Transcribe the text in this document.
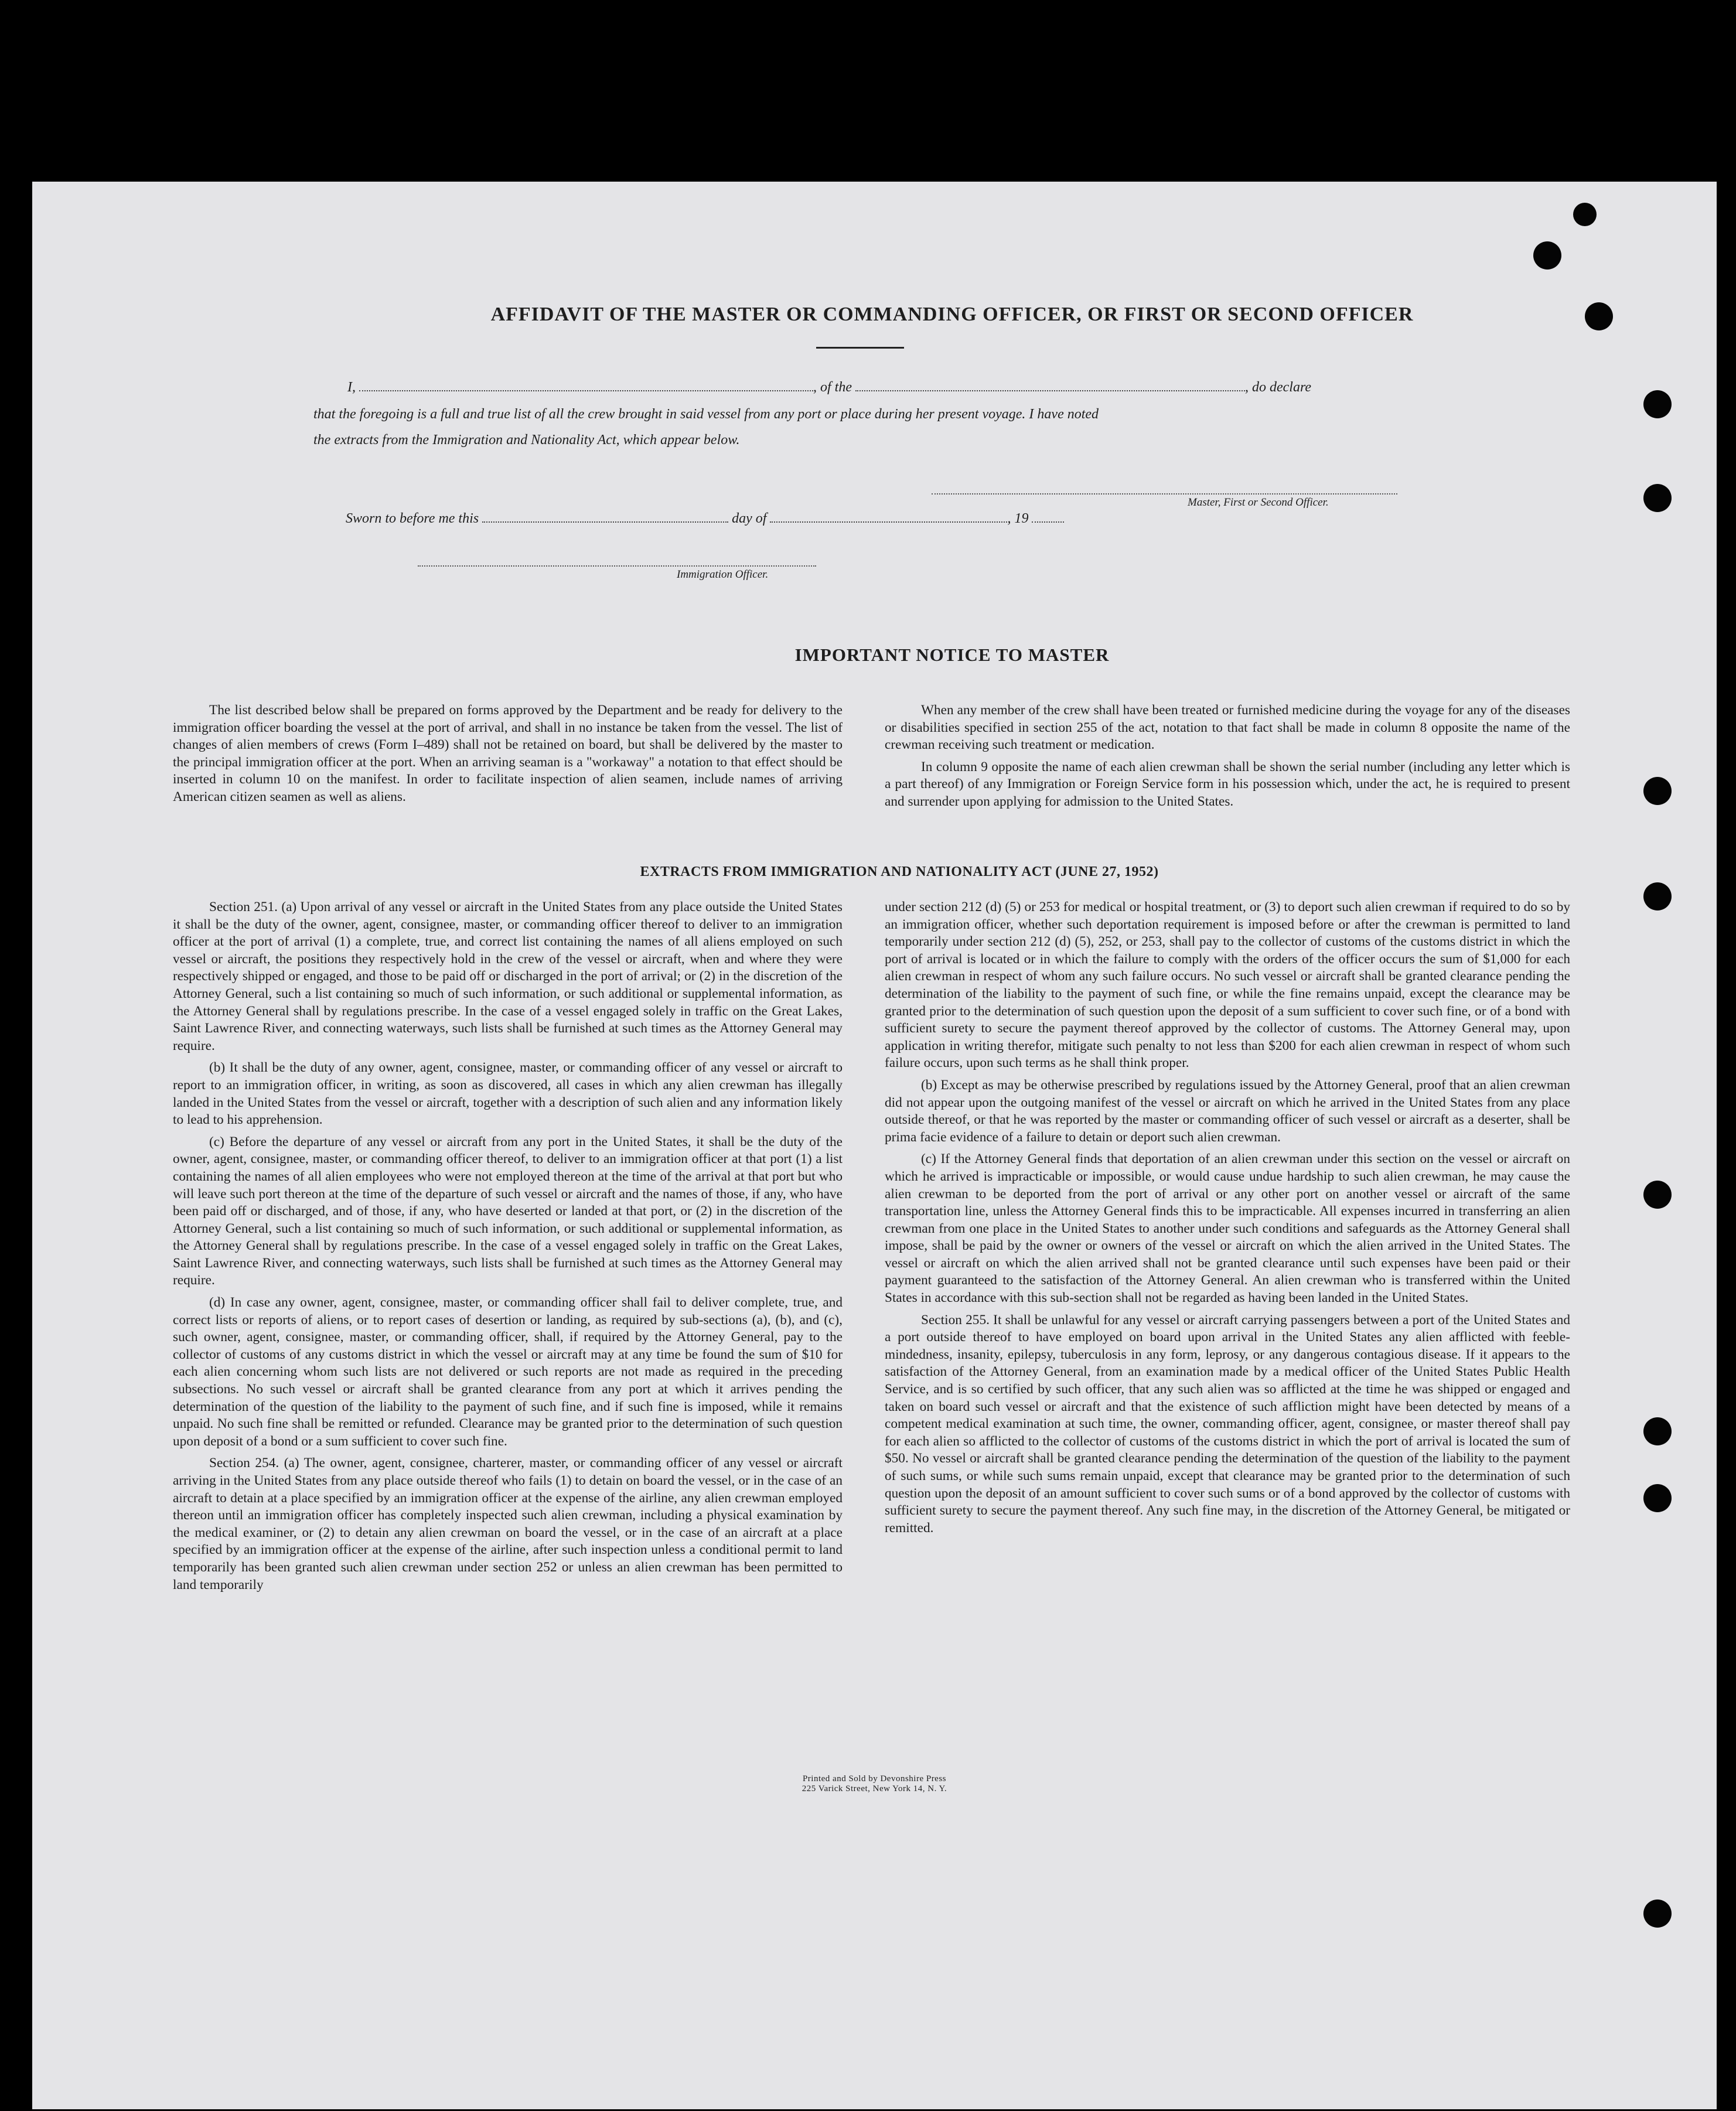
AFFIDAVIT OF THE MASTER OR COMMANDING OFFICER, OR FIRST OR SECOND OFFICER
I,	, of the	, do declare
that the foregoing is a full and true list of all the crew brought in said vessel from any port or place during her present voyage. I have noted
the extracts from the Immigration and Nationality Act, which appear below.
Master, First or Second Officer.
Sworn to before me this	day of	, 19
Immigration Officer.
IMPORTANT NOTICE TO MASTER

The list described below shall be prepared on forms approved by the Department and be ready for delivery to the immigration officer boarding the vessel at the port of arrival, and shall in no instance be taken from the vessel. The list of changes of alien members of crews (Form I–489) shall not be retained on board, but shall be delivered by the master to the principal immigration officer at the port. When an arriving seaman is a "workaway" a notation to that effect should be inserted in column 10 on the manifest. In order to facilitate inspection of alien seamen, include names of arriving American citizen seamen as well as aliens.

When any member of the crew shall have been treated or furnished medicine during the voyage for any of the diseases or disabilities specified in section 255 of the act, notation to that fact shall be made in column 8 opposite the name of the crewman receiving such treatment or medication.

In column 9 opposite the name of each alien crewman shall be shown the serial number (including any letter which is a part thereof) of any Immigration or Foreign Service form in his possession which, under the act, he is required to present and surrender upon applying for admission to the United States.

EXTRACTS FROM IMMIGRATION AND NATIONALITY ACT (JUNE 27, 1952)

Section 251. (a) Upon arrival of any vessel or aircraft in the United States from any place outside the United States it shall be the duty of the owner, agent, consignee, master, or commanding officer thereof to deliver to an immigration officer at the port of arrival (1) a complete, true, and correct list containing the names of all aliens employed on such vessel or aircraft, the positions they respectively hold in the crew of the vessel or aircraft, when and where they were respectively shipped or engaged, and those to be paid off or discharged in the port of arrival; or (2) in the discretion of the Attorney General, such a list containing so much of such information, or such additional or supplemental information, as the Attorney General shall by regulations prescribe. In the case of a vessel engaged solely in traffic on the Great Lakes, Saint Lawrence River, and connecting waterways, such lists shall be furnished at such times as the Attorney General may require.

(b) It shall be the duty of any owner, agent, consignee, master, or commanding officer of any vessel or aircraft to report to an immigration officer, in writing, as soon as discovered, all cases in which any alien crewman has illegally landed in the United States from the vessel or aircraft, together with a description of such alien and any information likely to lead to his apprehension.

(c) Before the departure of any vessel or aircraft from any port in the United States, it shall be the duty of the owner, agent, consignee, master, or commanding officer thereof, to deliver to an immigration officer at that port (1) a list containing the names of all alien employees who were not employed thereon at the time of the arrival at that port but who will leave such port thereon at the time of the departure of such vessel or aircraft and the names of those, if any, who have been paid off or discharged, and of those, if any, who have deserted or landed at that port, or (2) in the discretion of the Attorney General, such a list containing so much of such information, or such additional or supplemental information, as the Attorney General shall by regulations prescribe. In the case of a vessel engaged solely in traffic on the Great Lakes, Saint Lawrence River, and connecting waterways, such lists shall be furnished at such times as the Attorney General may require.

(d) In case any owner, agent, consignee, master, or commanding officer shall fail to deliver complete, true, and correct lists or reports of aliens, or to report cases of desertion or landing, as required by sub-sections (a), (b), and (c), such owner, agent, consignee, master, or commanding officer, shall, if required by the Attorney General, pay to the collector of customs of any customs district in which the vessel or aircraft may at any time be found the sum of $10 for each alien concerning whom such lists are not delivered or such reports are not made as required in the preceding subsections. No such vessel or aircraft shall be granted clearance from any port at which it arrives pending the determination of the question of the liability to the payment of such fine, and if such fine is imposed, while it remains unpaid. No such fine shall be remitted or refunded. Clearance may be granted prior to the determination of such question upon deposit of a bond or a sum sufficient to cover such fine.

Section 254. (a) The owner, agent, consignee, charterer, master, or commanding officer of any vessel or aircraft arriving in the United States from any place outside thereof who fails (1) to detain on board the vessel, or in the case of an aircraft to detain at a place specified by an immigration officer at the expense of the airline, any alien crewman employed thereon until an immigration officer has completely inspected such alien crewman, including a physical examination by the medical examiner, or (2) to detain any alien crewman on board the vessel, or in the case of an aircraft at a place specified by an immigration officer at the expense of the airline, after such inspection unless a conditional permit to land temporarily has been granted such alien crewman under section 252 or unless an alien crewman has been permitted to land temporarily

under section 212 (d) (5) or 253 for medical or hospital treatment, or (3) to deport such alien crewman if required to do so by an immigration officer, whether such deportation requirement is imposed before or after the crewman is permitted to land temporarily under section 212 (d) (5), 252, or 253, shall pay to the collector of customs of the customs district in which the port of arrival is located or in which the failure to comply with the orders of the officer occurs the sum of $1,000 for each alien crewman in respect of whom any such failure occurs. No such vessel or aircraft shall be granted clearance pending the determination of the liability to the payment of such fine, or while the fine remains unpaid, except the clearance may be granted prior to the determination of such question upon the deposit of a sum sufficient to cover such fine, or of a bond with sufficient surety to secure the payment thereof approved by the collector of customs. The Attorney General may, upon application in writing therefor, mitigate such penalty to not less than $200 for each alien crewman in respect of whom such failure occurs, upon such terms as he shall think proper.

(b) Except as may be otherwise prescribed by regulations issued by the Attorney General, proof that an alien crewman did not appear upon the outgoing manifest of the vessel or aircraft on which he arrived in the United States from any place outside thereof, or that he was reported by the master or commanding officer of such vessel or aircraft as a deserter, shall be prima facie evidence of a failure to detain or deport such alien crewman.

(c) If the Attorney General finds that deportation of an alien crewman under this section on the vessel or aircraft on which he arrived is impracticable or impossible, or would cause undue hardship to such alien crewman, he may cause the alien crewman to be deported from the port of arrival or any other port on another vessel or aircraft of the same transportation line, unless the Attorney General finds this to be impracticable. All expenses incurred in transferring an alien crewman from one place in the United States to another under such conditions and safeguards as the Attorney General shall impose, shall be paid by the owner or owners of the vessel or aircraft on which the alien arrived in the United States. The vessel or aircraft on which the alien arrived shall not be granted clearance until such expenses have been paid or their payment guaranteed to the satisfaction of the Attorney General. An alien crewman who is transferred within the United States in accordance with this sub-section shall not be regarded as having been landed in the United States.

Section 255. It shall be unlawful for any vessel or aircraft carrying passengers between a port of the United States and a port outside thereof to have employed on board upon arrival in the United States any alien afflicted with feeble-mindedness, insanity, epilepsy, tuberculosis in any form, leprosy, or any dangerous contagious disease. If it appears to the satisfaction of the Attorney General, from an examination made by a medical officer of the United States Public Health Service, and is so certified by such officer, that any such alien was so afflicted at the time he was shipped or engaged and taken on board such vessel or aircraft and that the existence of such affliction might have been detected by means of a competent medical examination at such time, the owner, commanding officer, agent, consignee, or master thereof shall pay for each alien so afflicted to the collector of customs of the customs district in which the port of arrival is located the sum of $50. No vessel or aircraft shall be granted clearance pending the determination of the question of the liability to the payment of such sums, or while such sums remain unpaid, except that clearance may be granted prior to the determination of such question upon the deposit of an amount sufficient to cover such sums or of a bond approved by the collector of customs with sufficient surety to secure the payment thereof. Any such fine may, in the discretion of the Attorney General, be mitigated or remitted.

Printed and Sold by Devonshire Press
225 Varick Street, New York 14, N. Y.
